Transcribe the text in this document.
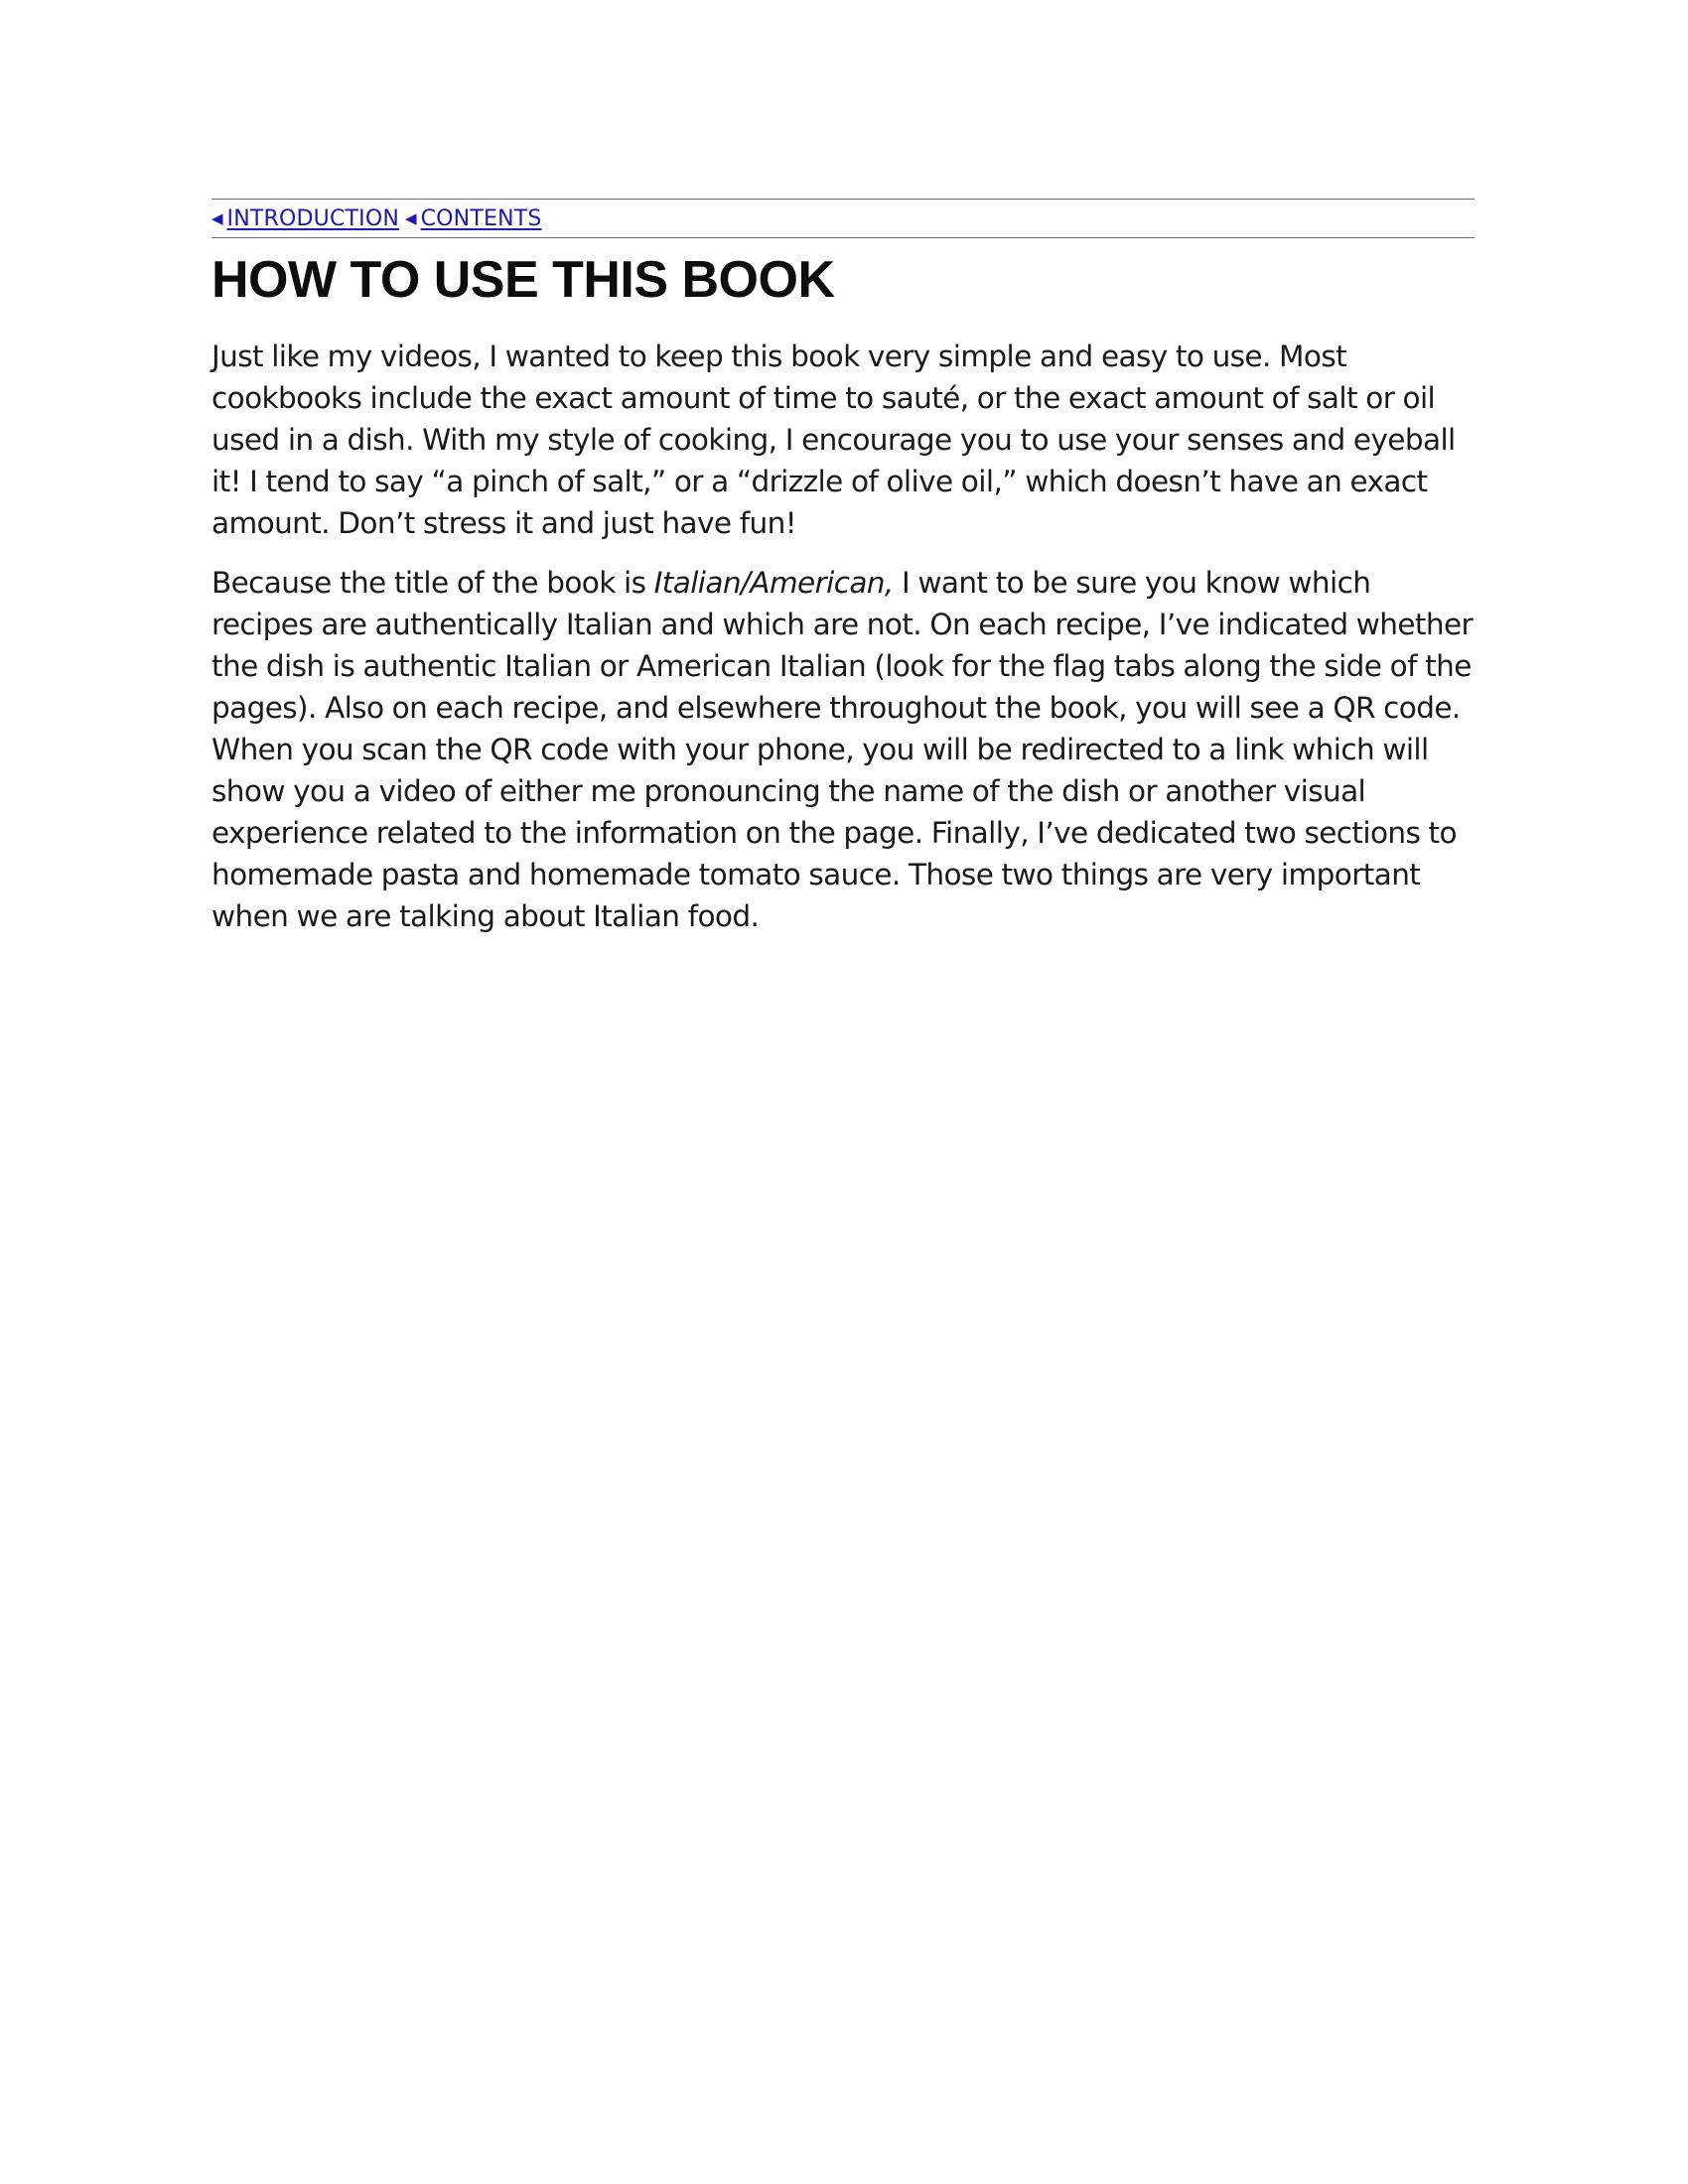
◀ INTRODUCTION ◀ CONTENTS
HOW TO USE THIS BOOK

Just like my videos, I wanted to keep this book very simple and easy to use. Most cookbooks include the exact amount of time to sauté, or the exact amount of salt or oil used in a dish. With my style of cooking, I encourage you to use your senses and eyeball it! I tend to say “a pinch of salt,” or a “drizzle of olive oil,” which doesn’t have an exact amount. Don’t stress it and just have fun!

Because the title of the book is Italian/American, I want to be sure you know which recipes are authentically Italian and which are not. On each recipe, I’ve indicated whether the dish is authentic Italian or American Italian (look for the flag tabs along the side of the pages). Also on each recipe, and elsewhere throughout the book, you will see a QR code. When you scan the QR code with your phone, you will be redirected to a link which will show you a video of either me pronouncing the name of the dish or another visual experience related to the information on the page. Finally, I’ve dedicated two sections to homemade pasta and homemade tomato sauce. Those two things are very important when we are talking about Italian food.
